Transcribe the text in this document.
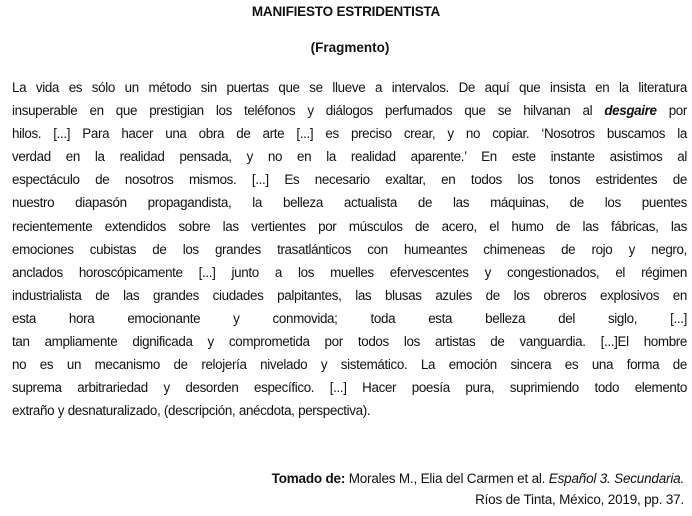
MANIFIESTO ESTRIDENTISTA
(Fragmento)
La vida es sólo un método sin puertas que se llueve a intervalos. De aquí que insista en la literatura
insuperable en que prestigian los teléfonos y diálogos perfumados que se hilvanan al desgaire por
hilos. [...] Para hacer una obra de arte [...] es preciso crear, y no copiar. ‘Nosotros buscamos la
verdad en la realidad pensada, y no en la realidad aparente.’ En este instante asistimos al
espectáculo de nosotros mismos. [...] Es necesario exaltar, en todos los tonos estridentes de
nuestro diapasón propagandista, la belleza actualista de las máquinas, de los puentes
recientemente extendidos sobre las vertientes por músculos de acero, el humo de las fábricas, las
emociones cubistas de los grandes trasatlánticos con humeantes chimeneas de rojo y negro,
anclados horoscópicamente [...] junto a los muelles efervescentes y congestionados, el régimen
industrialista de las grandes ciudades palpitantes, las blusas azules de los obreros explosivos en
esta hora emocionante y conmovida; toda esta belleza del siglo, [...]
tan ampliamente dignificada y comprometida por todos los artistas de vanguardia. [...]El hombre
no es un mecanismo de relojería nivelado y sistemático. La emoción sincera es una forma de
suprema arbitrariedad y desorden específico. [...] Hacer poesía pura, suprimiendo todo elemento
extraño y desnaturalizado, (descripción, anécdota, perspectiva).
Tomado de: Morales M., Elia del Carmen et al. Español 3. Secundaria.
Ríos de Tinta, México, 2019, pp. 37.
